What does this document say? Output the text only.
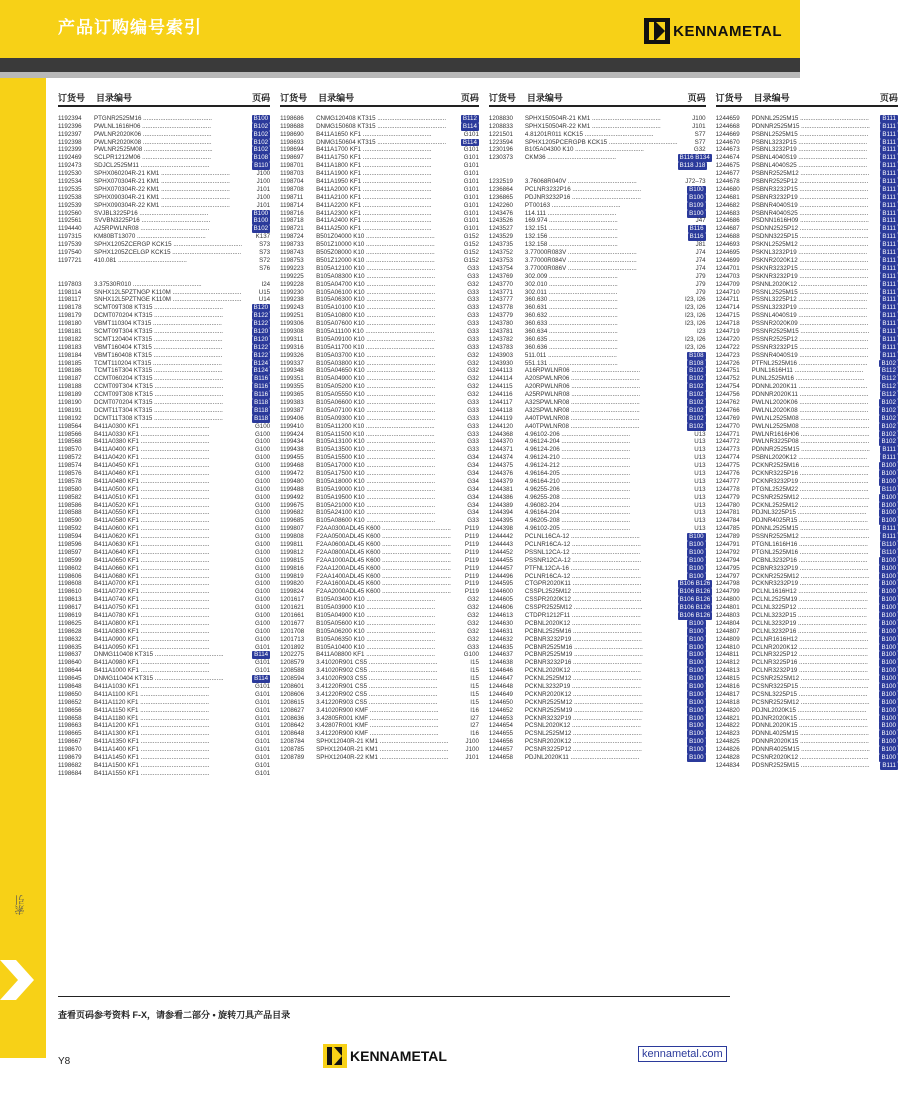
产品订购编号索引	KENNAMETAL
索引
订货号	目录编号	页码
1192394	PTGNR2525M16 ........................................	B100
1192396	PWLNL1616H06 ........................................	B102
1192397	PWLNR2020K06 ........................................	B102
1192398	PWLNR2020K08 ........................................	B102
1192399	PWLNR2525M08 ........................................	B102
1192469	SCLPR1212M06 ........................................	B108
1192473	SDJCL2525M11 ........................................	B110
1192530	SPHX060204R-21 KM1 ........................................	J100
1192534	SPHX070304R-21 KM1 ........................................	J100
1192535	SPHX070304R-22 KM1 ........................................	J101
1192538	SPHX090304R-21 KM1 ........................................	J100
1192539	SPHX090304R-22 KM1 ........................................	J101
1192560	SVJBL3225P16 ........................................	B100
1192561	SVVBN3225P16 ........................................	B100
1194440	A25RPWLNR08 ........................................	B102
1197315	KM80BT13070 ........................................	K137
1197539	SPHX1205ZCERGP KCK15 ........................................	S73
1197540	SPHX1205ZCELGP KCK15 ........................................	S73
1197721	410.081 ........................................	S72
S76
1197803	3.37530R010 ........................................	I24
1198114	SNHX12L5PZTNGP K110M ........................................	U15
1198117	SNHX12L5PZTNGE K110M ........................................	U14
1198178	SCMT09T308 KT315 ........................................	B120
1198179	DCMT070204 KT315 ........................................	B122
1198180	VBMT110304 KT315 ........................................	B122
1198181	SCMT09T304 KT315 ........................................	B120
1198182	SCMT120404 KT315 ........................................	B120
1198183	VBMT160404 KT315 ........................................	B122
1198184	VBMT160408 KT315 ........................................	B122
1198185	TCMT110204 KT315 ........................................	B124
1198186	TCMT16T304 KT315 ........................................	B124
1198187	CCMT060204 KT315 ........................................	B116
1198188	CCMT09T304 KT315 ........................................	B116
1198189	CCMT09T308 KT315 ........................................	B116
1198190	DCMT070204 KT315 ........................................	B118
1198191	DCMT11T304 KT315 ........................................	B118
1198192	DCMT11T308 KT315 ........................................	B118
1198564	B411A0300 KF1 ........................................	G100
1198566	B411A0330 KF1 ........................................	G100
1198568	B411A0380 KF1 ........................................	G100
1198570	B411A0400 KF1 ........................................	G100
1198572	B411A0420 KF1 ........................................	G100
1198574	B411A0450 KF1 ........................................	G100
1198576	B411A0460 KF1 ........................................	G100
1198578	B411A0480 KF1 ........................................	G100
1198580	B411A0500 KF1 ........................................	G100
1198582	B411A0510 KF1 ........................................	G100
1198586	B411A0520 KF1 ........................................	G100
1198588	B411A0550 KF1 ........................................	G100
1198590	B411A0580 KF1 ........................................	G100
1198592	B411A0600 KF1 ........................................	G100
1198594	B411A0620 KF1 ........................................	G100
1198596	B411A0630 KF1 ........................................	G100
1198597	B411A0640 KF1 ........................................	G100
1198599	B411A0650 KF1 ........................................	G100
1198602	B411A0660 KF1 ........................................	G100
1198606	B411A0680 KF1 ........................................	G100
1198608	B411A0700 KF1 ........................................	G100
1198610	B411A0720 KF1 ........................................	G100
1198613	B411A0740 KF1 ........................................	G100
1198617	B411A0750 KF1 ........................................	G100
1198619	B411A0780 KF1 ........................................	G100
1198625	B411A0800 KF1 ........................................	G100
1198628	B411A0830 KF1 ........................................	G100
1198632	B411A0900 KF1 ........................................	G100
1198635	B411A0950 KF1 ........................................	G101
1198637	DNMG110408 KT315 ........................................	B114
1198640	B411A0980 KF1 ........................................	G101
1198644	B411A1000 KF1 ........................................	G101
1198645	DNMG110404 KT315 ........................................	B114
1198648	B411A1030 KF1 ........................................	G101
1198650	B411A1100 KF1 ........................................	G101
1198652	B411A1120 KF1 ........................................	G101
1198656	B411A1150 KF1 ........................................	G101
1198658	B411A1180 KF1 ........................................	G101
1198663	B411A1200 KF1 ........................................	G101
1198665	B411A1300 KF1 ........................................	G101
1198667	B411A1350 KF1 ........................................	G101
1198670	B411A1400 KF1 ........................................	G101
1198679	B411A1450 KF1 ........................................	G101
1198682	B411A1500 KF1 ........................................	G101
1198684	B411A1550 KF1 ........................................	G101
订货号	目录编号	页码
1198686	CNMG120408 KT315 ........................................	B112
1198688	DNMG150608 KT315 ........................................	B114
1198690	B411A1650 KF1 ........................................	G101
1198693	DNMG150604 KT315 ........................................	B114
1198694	B411A1700 KF1 ........................................	G101
1198697	B411A1750 KF1 ........................................	G101
1198701	B411A1800 KF1 ........................................	G101
1198703	B411A1900 KF1 ........................................	G101
1198704	B411A1950 KF1 ........................................	G101
1198708	B411A2000 KF1 ........................................	G101
1198711	B411A2100 KF1 ........................................	G101
1198714	B411A2200 KF1 ........................................	G101
1198716	B411A2300 KF1 ........................................	G101
1198718	B411A2400 KF1 ........................................	G101
1198721	B411A2500 KF1 ........................................	G101
1198724	B501Z04000 K10 ........................................	G152
1198733	B501Z10000 K10 ........................................	G152
1198743	B505Z08000 K10 ........................................	G152
1198753	B501Z12000 K10 ........................................	G152
1199223	B105A12100 K10 ........................................	G33
1199225	B105A08300 K10 ........................................	G33
1199228	B105A04700 K10 ........................................	G32
1199230	B105A06100 K10 ........................................	G33
1199238	B105A06300 K10 ........................................	G33
1199243	B105A10100 K10 ........................................	G33
1199251	B105A10800 K10 ........................................	G33
1199306	B105A07600 K10 ........................................	G33
1199308	B105A11100 K10 ........................................	G33
1199311	B105A09100 K10 ........................................	G33
1199316	B105A11700 K10 ........................................	G33
1199326	B105A03700 K10 ........................................	G32
1199337	B105A03800 K10 ........................................	G32
1199348	B105A04650 K10 ........................................	G32
1199351	B105A04900 K10 ........................................	G32
1199355	B105A05200 K10 ........................................	G32
1199365	B105A05550 K10 ........................................	G32
1199383	B105A06600 K10 ........................................	G33
1199387	B105A07100 K10 ........................................	G33
1199406	B105A09300 K10 ........................................	G33
1199410	B105A11200 K10 ........................................	G33
1199424	B105A11500 K10 ........................................	G33
1199434	B105A13100 K10 ........................................	G33
1199438	B105A13500 K10 ........................................	G33
1199455	B105A15500 K10 ........................................	G34
1199468	B105A17000 K10 ........................................	G34
1199472	B105A17500 K10 ........................................	G34
1199480	B105A18000 K10 ........................................	G34
1199488	B105A19000 K10 ........................................	G34
1199492	B105A19500 K10 ........................................	G34
1199675	B105A21000 K10 ........................................	G34
1199682	B105A24100 K10 ........................................	G34
1199685	B105A08600 K10 ........................................	G33
1199807	F2AA0300ADL45 K600 ........................................	P119
1199808	F2AA0500ADL45 K600 ........................................	P119
1199811	F2AA0600ADL45 K600 ........................................	P119
1199812	F2AA0800ADL45 K600 ........................................	P119
1199815	F2AA1000ADL45 K600 ........................................	P119
1199816	F2AA1200ADL45 K600 ........................................	P119
1199819	F2AA1400ADL45 K600 ........................................	P119
1199820	F2AA1600ADL45 K600 ........................................	P119
1199824	F2AA2000ADL45 K600 ........................................	P119
1201617	B105A03400 K10 ........................................	G32
1201621	B105A03900 K10 ........................................	G32
1201661	B105A04900 K10 ........................................	G32
1201677	B105A05600 K10 ........................................	G32
1201708	B105A06200 K10 ........................................	G32
1201713	B105A06350 K10 ........................................	G32
1201892	B105A10400 K10 ........................................	G33
1202275	B411A08800 KF1 ........................................	G100
1208579	3.41020R901 CS5 ........................................	I15
1208588	3.41020R902 CS5 ........................................	I15
1208594	3.41020R903 CS5 ........................................	I15
1208601	3.41220R901 CS5 ........................................	I15
1208606	3.41220R902 CS5 ........................................	I15
1208615	3.41220R903 CS5 ........................................	I15
1208627	3.41020R900 KMF ........................................	I16
1208636	3.42805R001 KMF ........................................	I27
1208642	3.42807R001 KMF ........................................	I27
1208648	3.41220R900 KMF ........................................	I16
1208784	SPHX12040R-21 KM1 ........................................	J100
1208785	SPHX12040R-21 KM1 ........................................	J100
1208789	SPHX12040R-22 KM1 ........................................	J101
订货号	目录编号	页码
1208830	SPHX150504R-21 KM1 ........................................	J100
1208833	SPHX150504R-22 KM1 ........................................	J101
1221501	4.81201R011 KCK15 ........................................	S77
1223594	SPHX1205PCERGPB KCK15 ........................................	S77
1230196	B105A04300 K10 ........................................	G32
1230373	CKM36 ........................................	B116 B134
B118 J18
1232519	3.76068R040V ........................................	J72–73
1236864	PCLNR3232P16 ........................................	B100
1236865	PDJNR3232P16 ........................................	B100
1242260	PT00163 ........................................	B109
1243476	114.111 ........................................	B100
1243526	169.974 ........................................	J47
1243527	132.151 ........................................	B116
1243529	132.156 ........................................	B116
1243735	132.158 ........................................	J81
1243752	3.77000R083V ........................................	J74
1243753	3.77000R084V ........................................	J74
1243754	3.77000R086V ........................................	J74
1243769	302.009 ........................................	J79
1243770	302.010 ........................................	J79
1243771	302.011 ........................................	J79
1243777	360.630 ........................................	I23, I26
1243778	360.631 ........................................	I23, I26
1243779	360.632 ........................................	I23, I26
1243780	360.633 ........................................	I23, I26
1243781	360.634 ........................................	I23
1243782	360.635 ........................................	I23, I26
1243783	360.636 ........................................	I23, I26
1243903	511.011 ........................................	B108
1243930	551.131 ........................................	B108
1244113	A16RPWLNR06 ........................................	B102
1244114	A20SPWLNR06 ........................................	B102
1244115	A20RPWLNR06 ........................................	B102
1244116	A25RPWLNR08 ........................................	B102
1244117	A32SPWLNR08 ........................................	B102
1244118	A32SPWLNR08 ........................................	B102
1244119	A40TPWLNR08 ........................................	B102
1244120	A40TPWLNR08 ........................................	B102
1244368	4.96102-206 ........................................	U13
1244370	4.96124-204 ........................................	U13
1244371	4.96124-206 ........................................	U13
1244374	4.96124-210 ........................................	U13
1244375	4.96124-212 ........................................	U13
1244376	4.96164-205 ........................................	U13
1244379	4.96164-210 ........................................	U13
1244381	4.96255-206 ........................................	U13
1244386	4.96255-208 ........................................	U13
1244389	4.96082-204 ........................................	U13
1244394	4.96164-204 ........................................	U13
1244395	4.96205-208 ........................................	U13
1244398	4.96102-205 ........................................	U13
1244442	PCLNL16CA-12 ........................................	B100
1244443	PCLNR16CA-12 ........................................	B100
1244452	PSSNL12CA-12 ........................................	B100
1244455	PSSNR12CA-12 ........................................	B100
1244457	PTFNL12CA-16 ........................................	B100
1244496	PCLNR16CA-12 ........................................	B100
1244595	CTGPR2020K11 ........................................	B106 B126
1244600	CSSPL2525M12 ........................................	B106 B126
1244605	CSSPR2020K12 ........................................	B106 B126
1244606	CSSPR2525M12 ........................................	B106 B126
1244613	CTDPR1212F11 ........................................	B106 B126
1244630	PCBNL2020K12 ........................................	B100
1244631	PCBNL2525M16 ........................................	B100
1244632	PCBNR3232P19 ........................................	B100
1244635	PCBNR2525M16 ........................................	B100
1244637	PCBNR2525M19 ........................................	B100
1244638	PCBNR3232P16 ........................................	B100
1244646	PCKNL2020K12 ........................................	B100
1244647	PCKNL2525M12 ........................................	B100
1244648	PCKNL3232P19 ........................................	B100
1244649	PCKNR2020K12 ........................................	B100
1244650	PCKNR2525M12 ........................................	B100
1244652	PCKNR2525M19 ........................................	B100
1244653	PCKNR3232P19 ........................................	B100
1244654	PCSNL2020K12 ........................................	B100
1244655	PCSNL2525M12 ........................................	B100
1244656	PCSNR2020K12 ........................................	B100
1244657	PCSNR3225P12 ........................................	B100
1244658	PDJNL2020K11 ........................................	B100
订货号	目录编号	页码
1244659	PDNNL2525M15 ........................................	B111
1244668	PDNNR2525M15 ........................................	B111
1244669	PSBNL2525M15 ........................................	B111
1244670	PSBNL3232P15 ........................................	B111
1244673	PSBNL3232P19 ........................................	B111
1244674	PSBNL4040S19 ........................................	B111
1244675	PSBNL4040S25 ........................................	B111
1244677	PSBNR2525M12 ........................................	B111
1244678	PSBNR2525P12 ........................................	B111
1244680	PSBNR3232P15 ........................................	B111
1244681	PSBNR3232P19 ........................................	B111
1244682	PSBNR4040S19 ........................................	B111
1244683	PSBNR4040S25 ........................................	B111
1244686	PSDNN1616H09 ........................................	B111
1244687	PSDNN2525P12 ........................................	B111
1244688	PSDNN3225P15 ........................................	B111
1244693	PSKNL2525M12 ........................................	B111
1244695	PSKNL3232P19 ........................................	B111
1244699	PSKNR2020K12 ........................................	B111
1244701	PSKNR3232P15 ........................................	B111
1244703	PSKNR3232P19 ........................................	B111
1244709	PSNNL2020K12 ........................................	B111
1244710	PSSNL2525M15 ........................................	B111
1244711	PSSNL3225P12 ........................................	B111
1244714	PSSNL3232P19 ........................................	B111
1244715	PSSNL4040S19 ........................................	B111
1244718	PSSNR2020K09 ........................................	B111
1244719	PSSNR2525M15 ........................................	B111
1244720	PSSNR2525P12 ........................................	B111
1244722	PSSNR3232P15 ........................................	B111
1244723	PSSNR4040S19 ........................................	B111
1244726	PTFNL2525M16 ........................................	B102
1244751	PUNL1616H11 ........................................	B112
1244752	PUNL2525M16 ........................................	B112
1244754	PDNNL2020K11 ........................................	B112
1244756	PDNNR2020K11 ........................................	B112
1244762	PWLNL2020K06 ........................................	B102
1244766	PWLNL2020K08 ........................................	B102
1244769	PWLNL2525M08 ........................................	B102
1244770	PWLNL2525M08 ........................................	B102
1244771	PWLNR1616H06 ........................................	B102
1244772	PWLNR3225P08 ........................................	B102
1244773	PDNNR2525M15 ........................................	B111
1244774	PSBNL2020K12 ........................................	B111
1244775	PCKNR2525M16 ........................................	B100
1244776	PCKNR3225P16 ........................................	B100
1244777	PCKNR3232P19 ........................................	B100
1244778	PTGNL2525M22 ........................................	B110
1244779	PCSNR2525M12 ........................................	B100
1244780	PCKNL2525M12 ........................................	B100
1244781	PDJNL3225P15 ........................................	B100
1244784	PDJNR4025R15 ........................................	B100
1244785	PDNNL2525M15 ........................................	B111
1244789	PSSNR2525M12 ........................................	B111
1244791	PTGNL1616H16 ........................................	B110
1244792	PTGNL2525M16 ........................................	B110
1244794	PCBNL3232P16 ........................................	B100
1244795	PCBNR3232P19 ........................................	B100
1244797	PCKNR2525M12 ........................................	B100
1244798	PCKNR3232P19 ........................................	B100
1244799	PCLNL1616H12 ........................................	B100
1244800	PCLNL2525M19 ........................................	B100
1244801	PCLNL3225P12 ........................................	B100
1244803	PCLNL3232P15 ........................................	B100
1244804	PCLNL3232P19 ........................................	B100
1244807	PCLNL3232P16 ........................................	B100
1244809	PCLNR1616H12 ........................................	B100
1244810	PCLNR2020K12 ........................................	B100
1244811	PCLNR3225P12 ........................................	B100
1244812	PCLNR3225P16 ........................................	B100
1244813	PCLNR3232P19 ........................................	B100
1244815	PCSNR2525M12 ........................................	B100
1244816	PCSNR3225P15 ........................................	B100
1244817	PCSNL3225P15 ........................................	B100
1244818	PCSNR2525M12 ........................................	B100
1244820	PDJNL2020K15 ........................................	B100
1244821	PDJNR2020K15 ........................................	B100
1244822	PDNNL2020K15 ........................................	B100
1244823	PDNNL4025M15 ........................................	B100
1244825	PDNNR2020K15 ........................................	B100
1244826	PDNNR4025M15 ........................................	B100
1244828	PCSNR2020K12 ........................................	B100
1244834	PDSNR2525M15 ........................................	B111
查看页码参考资料 F-X，请参看二部分 • 旋转刀具产品目录
Y8	KENNAMETAL	kennametal.com
